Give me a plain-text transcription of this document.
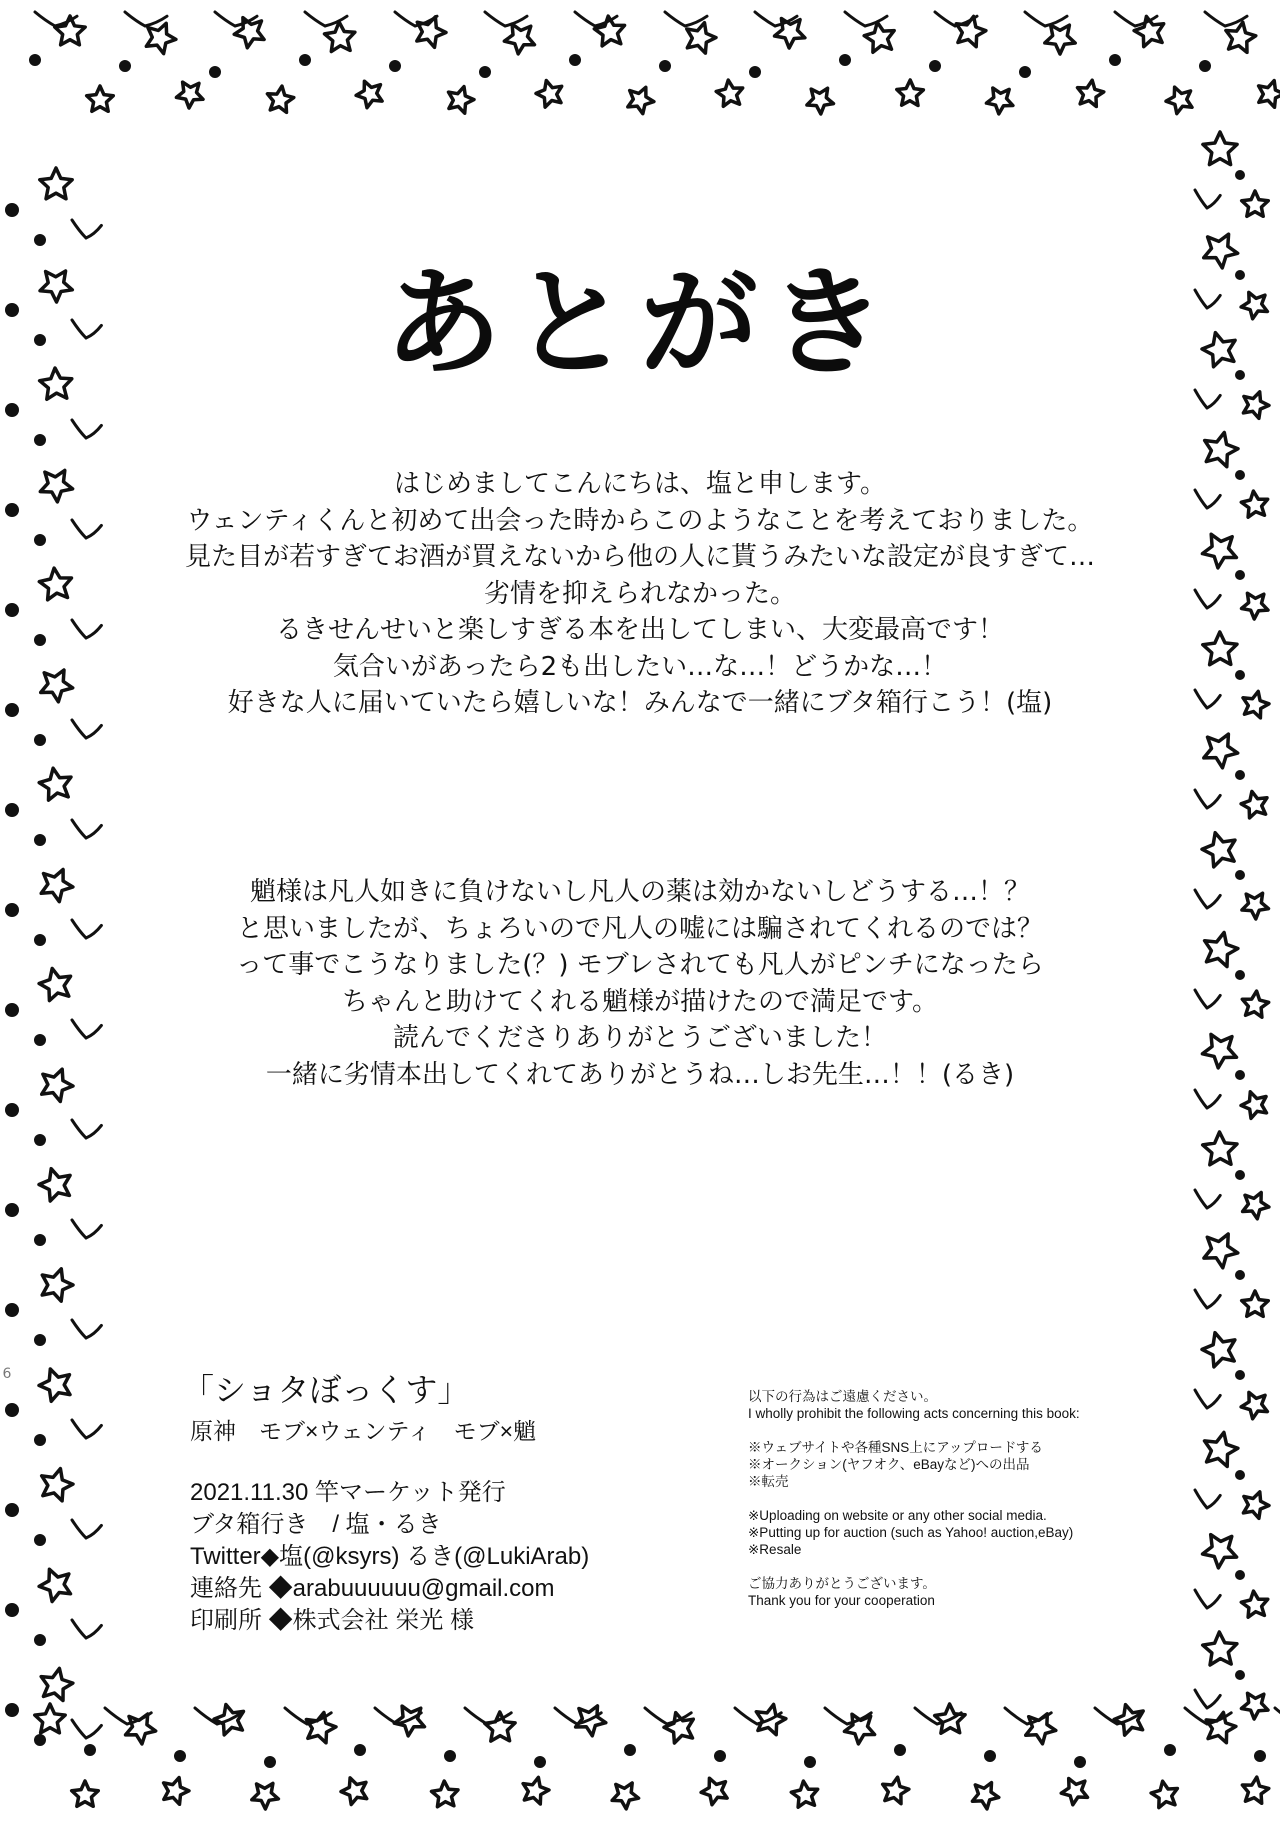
6
あとがき

はじめましてこんにちは、塩と申します。

ウェンティくんと初めて出会った時からこのようなことを考えておりました。

見た目が若すぎてお酒が買えないから他の人に貰うみたいな設定が良すぎて…

劣情を抑えられなかった。

るきせんせいと楽しすぎる本を出してしまい、大変最高です！

気合いがあったら2も出したい…な…！どうかな…！

好きな人に届いていたら嬉しいな！みんなで一緒にブタ箱行こう！(塩)

魈様は凡人如きに負けないし凡人の薬は効かないしどうする…！？

と思いましたが、ちょろいので凡人の嘘には騙されてくれるのでは？

って事でこうなりました(？) モブレされても凡人がピンチになったら

ちゃんと助けてくれる魈様が描けたので満足です。

読んでくださりありがとうございました！

一緒に劣情本出してくれてありがとうね…しお先生…！！(るき)

「ショタぼっくす」

原神　モブ×ウェンティ　モブ×魈

2021.11.30 竿マーケット発行

ブタ箱行き　/ 塩・るき

Twitter◆塩(@ksyrs) るき(@LukiArab)

連絡先 ◆arabuuuuuu@gmail.com

印刷所 ◆株式会社 栄光 様

以下の行為はご遠慮ください。

I wholly prohibit the following acts concerning this book:

※ウェブサイトや各種SNS上にアップロードする

※オークション(ヤフオク、eBayなど)への出品

※転売

※Uploading on website or any other social media.

※Putting up for auction (such as Yahoo! auction,eBay)

※Resale

ご協力ありがとうございます。

Thank you for your cooperation
